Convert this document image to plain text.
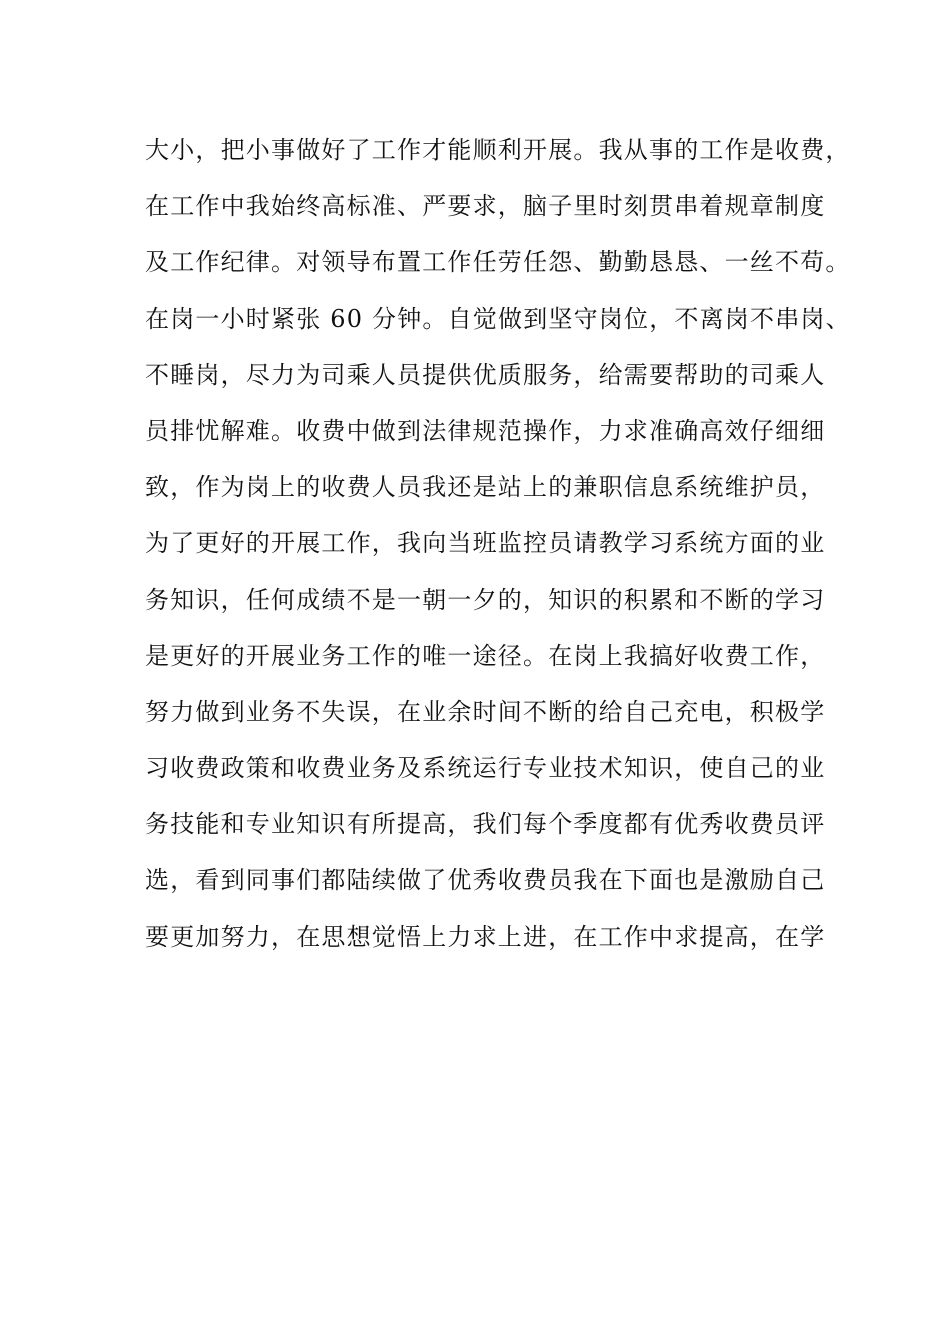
大小，把小事做好了工作才能顺利开展。我从事的工作是收费，
在工作中我始终高标准、严要求，脑子里时刻贯串着规章制度
及工作纪律。对领导布置工作任劳任怨、勤勤恳恳、一丝不苟。
在岗一小时紧张 60 分钟。自觉做到坚守岗位，不离岗不串岗、
不睡岗，尽力为司乘人员提供优质服务，给需要帮助的司乘人
员排忧解难。收费中做到法律规范操作，力求准确高效仔细细
致，作为岗上的收费人员我还是站上的兼职信息系统维护员，
为了更好的开展工作，我向当班监控员请教学习系统方面的业
务知识，任何成绩不是一朝一夕的，知识的积累和不断的学习
是更好的开展业务工作的唯一途径。在岗上我搞好收费工作，
努力做到业务不失误，在业余时间不断的给自己充电，积极学
习收费政策和收费业务及系统运行专业技术知识，使自己的业
务技能和专业知识有所提高，我们每个季度都有优秀收费员评
选，看到同事们都陆续做了优秀收费员我在下面也是激励自己
要更加努力，在思想觉悟上力求上进，在工作中求提高，在学
